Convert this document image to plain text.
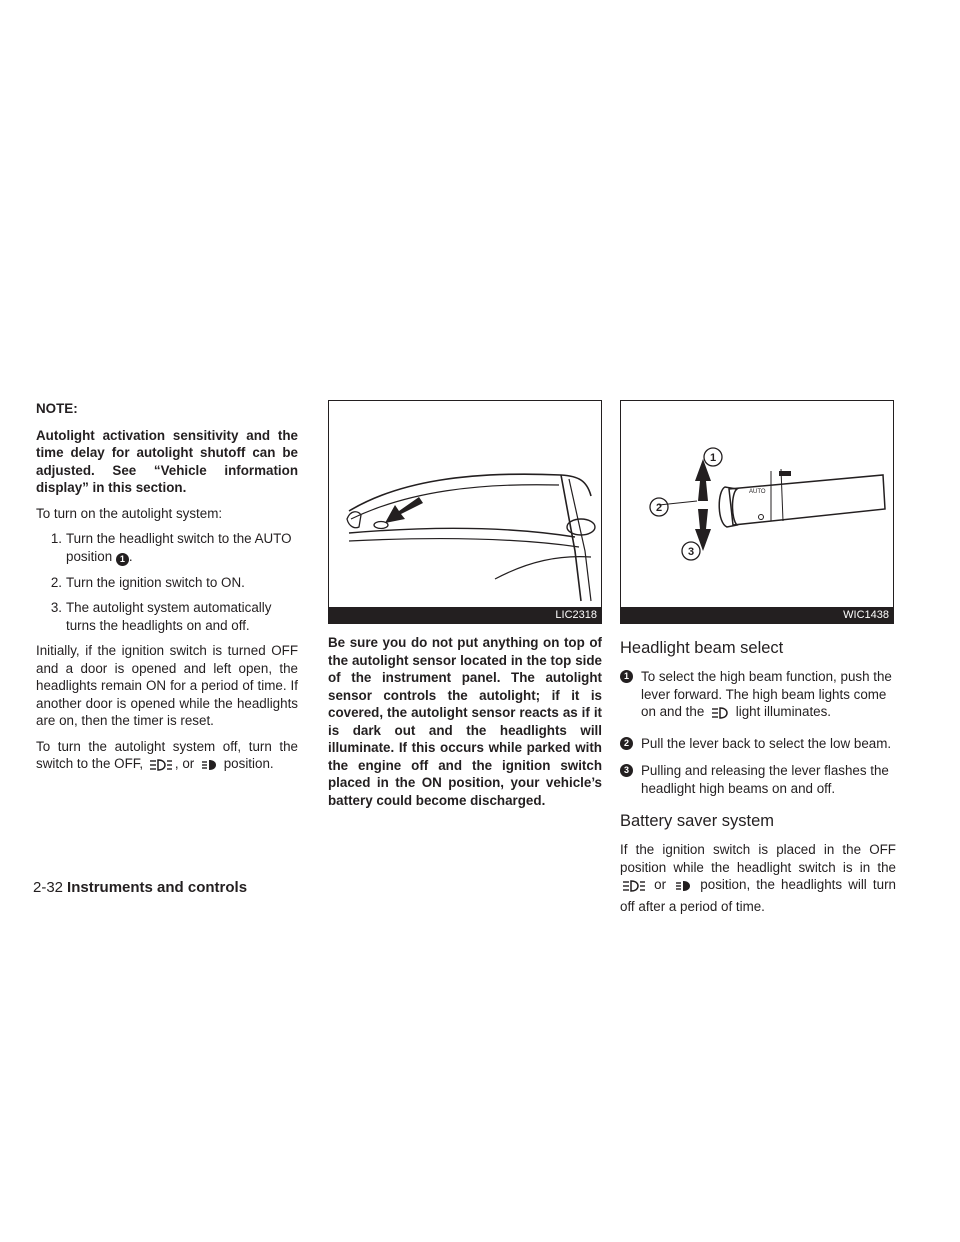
NOTE:

Autolight activation sensitivity and the time delay for autolight shutoff can be adjusted. See “Vehicle information display” in this section.

To turn on the autolight system:

1. Turn the headlight switch to the AUTO position 1 .
2. Turn the ignition switch to ON.
3. The autolight system automatically turns the headlights on and off.

Initially, if the ignition switch is turned OFF and a door is opened and left open, the headlights remain ON for a period of time. If another door is opened while the headlights are on, then the timer is reset.

To turn the autolight system off, turn the switch to the OFF, , or position.

LIC2318

Be sure you do not put anything on top of the autolight sensor located in the top side of the instrument panel. The autolight sensor controls the autolight; if it is covered, the autolight sensor reacts as if it is dark out and the headlights will illuminate. If this occurs while parked with the engine off and the ignition switch placed in the ON position, your vehicle’s battery could become discharged.

AUTO
1
2
3
WIC1438
Headlight beam select
1 To select the high beam function, push the lever forward. The high beam lights come on and the light illuminates.
2 Pull the lever back to select the low beam.
3 Pulling and releasing the lever flashes the headlight high beams on and off.
Battery saver system

If the ignition switch is placed in the OFF position while the headlight switch is in the  or	position, the headlights will turn off after a period of time.

2-32 Instruments and controls
